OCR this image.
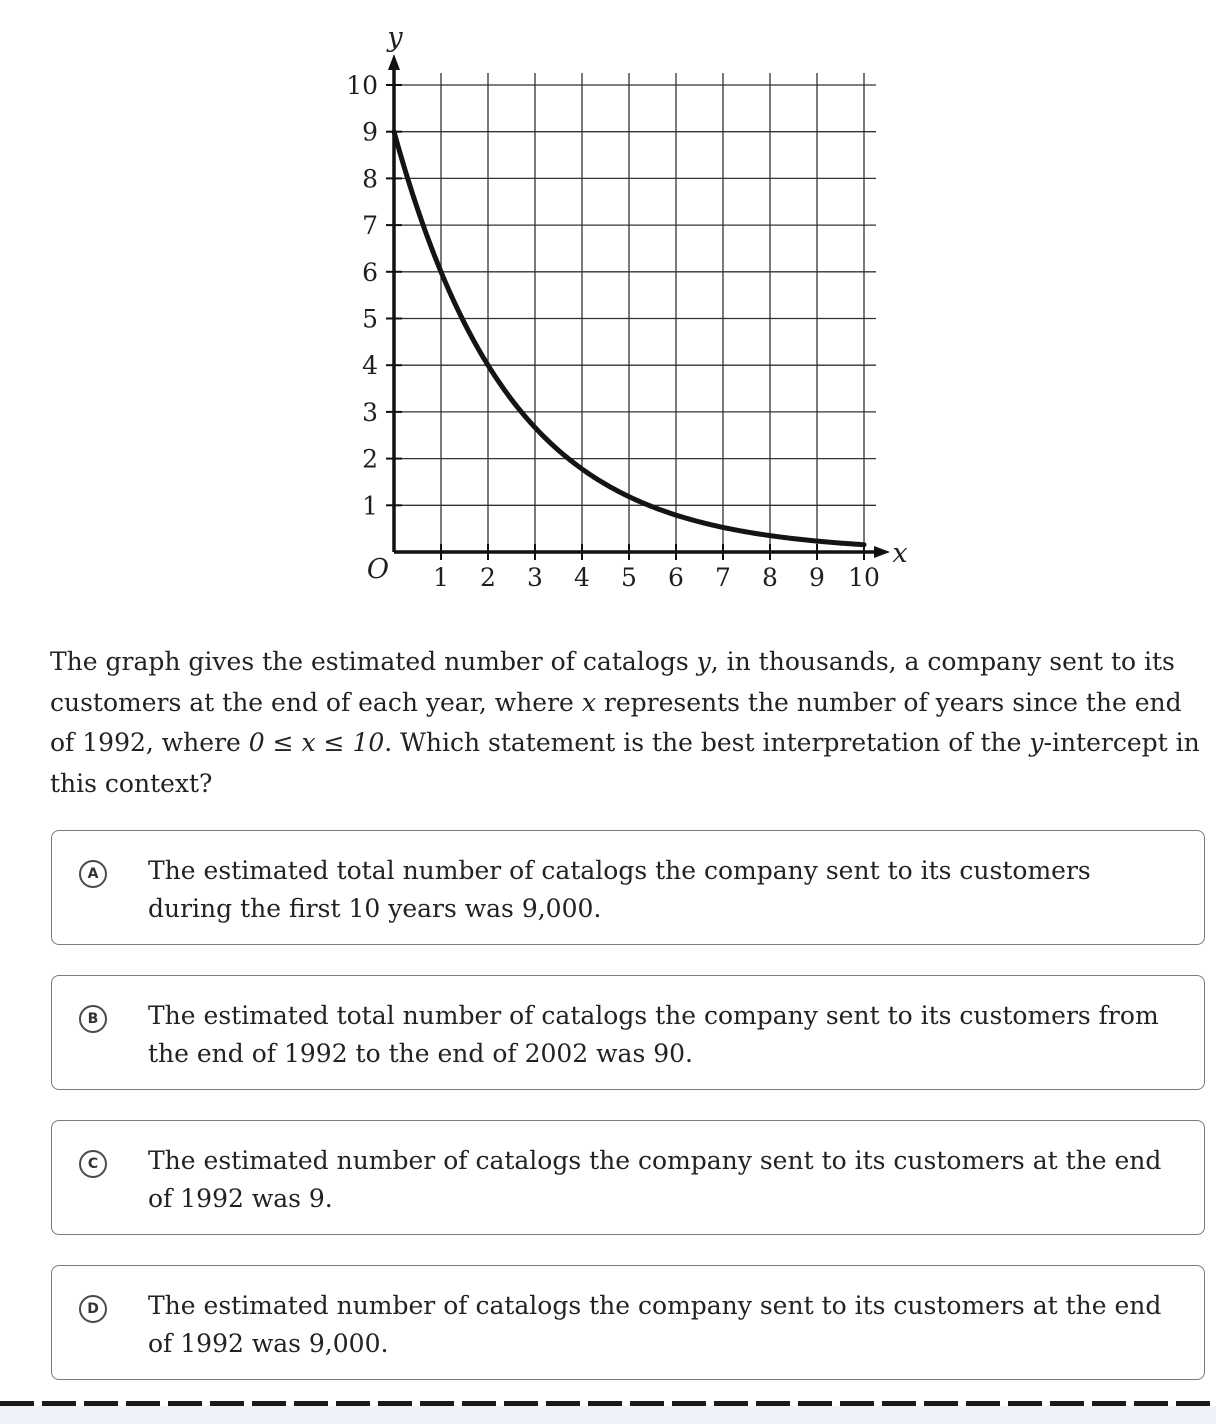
1 2 3 4 5 6 7 8 9 10
1
2
3
4
5
6
7
8
9
10
O
x
y
The graph gives the estimated number of catalogs y, in thousands, a company sent to its customers at the end of each year, where x represents the number of years since the end of 1992, where 0 ≤ x ≤ 10. Which statement is the best interpretation of the y-intercept in this context?
A	The estimated total number of catalogs the company sent to its customers during the first 10 years was 9,000.
B	The estimated total number of catalogs the company sent to its customers from the end of 1992 to the end of 2002 was 90.
C	The estimated number of catalogs the company sent to its customers at the end of 1992 was 9.
D	The estimated number of catalogs the company sent to its customers at the end of 1992 was 9,000.
